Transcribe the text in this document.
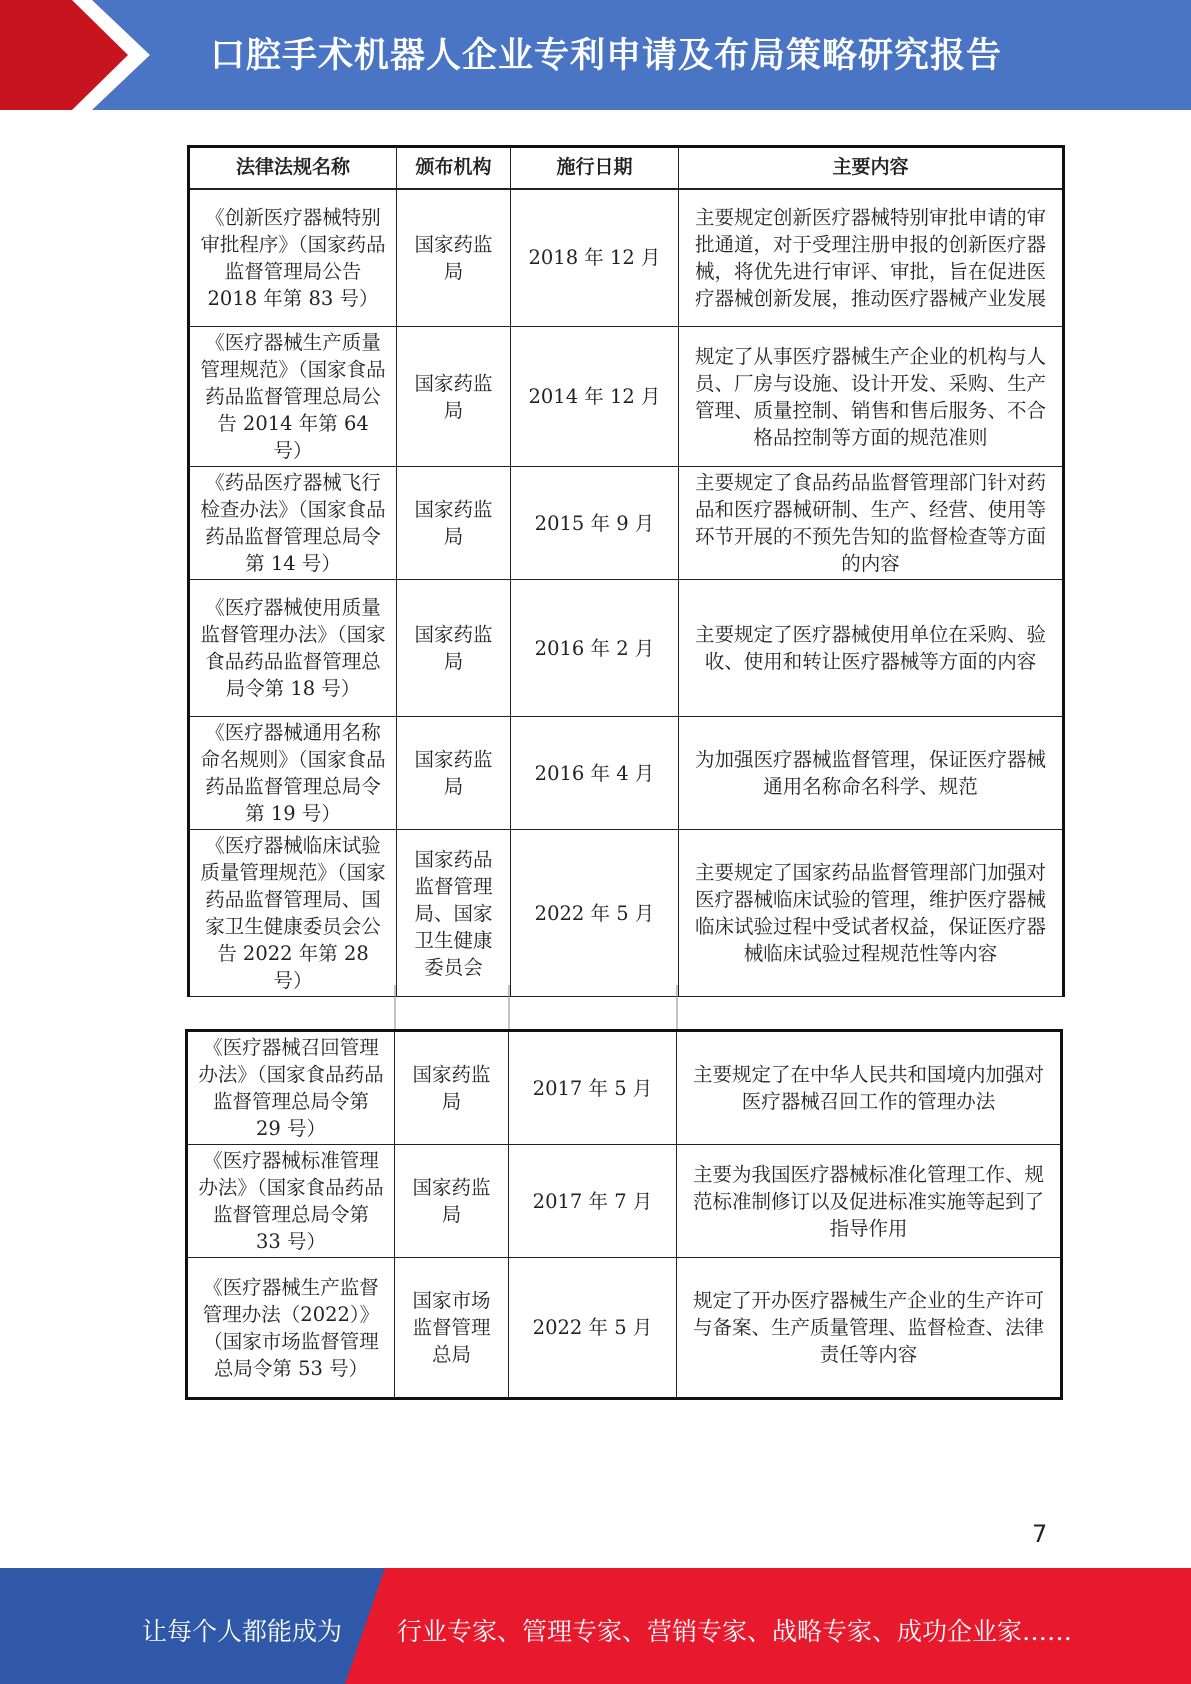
口腔手术机器人企业专利申请及布局策略研究报告
法律法规名称	颁布机构	施行日期	主要内容
《创新医疗器械特别审批程序》（国家药品监督管理局公告 2018 年第 83 号）	国家药监局	2018 年 12 月	主要规定创新医疗器械特别审批申请的审批通道，对于受理注册申报的创新医疗器械，将优先进行审评、审批，旨在促进医疗器械创新发展，推动医疗器械产业发展
《医疗器械生产质量管理规范》（国家食品药品监督管理总局公告 2014 年第 64 号）	国家药监局	2014 年 12 月	规定了从事医疗器械生产企业的机构与人员、厂房与设施、设计开发、采购、生产管理、质量控制、销售和售后服务、不合格品控制等方面的规范准则
《药品医疗器械飞行检查办法》（国家食品药品监督管理总局令第 14 号）	国家药监局	2015 年 9 月	主要规定了食品药品监督管理部门针对药品和医疗器械研制、生产、经营、使用等环节开展的不预先告知的监督检查等方面的内容
《医疗器械使用质量监督管理办法》（国家食品药品监督管理总局令第 18 号）	国家药监局	2016 年 2 月	主要规定了医疗器械使用单位在采购、验收、使用和转让医疗器械等方面的内容
《医疗器械通用名称命名规则》（国家食品药品监督管理总局令第 19 号）	国家药监局	2016 年 4 月	为加强医疗器械监督管理，保证医疗器械通用名称命名科学、规范
《医疗器械临床试验质量管理规范》（国家药品监督管理局、国家卫生健康委员会公告 2022 年第 28 号）	国家药品监督管理局、国家卫生健康委员会	2022 年 5 月	主要规定了国家药品监督管理部门加强对医疗器械临床试验的管理，维护医疗器械临床试验过程中受试者权益，保证医疗器械临床试验过程规范性等内容
《医疗器械召回管理办法》（国家食品药品监督管理总局令第 29 号）	国家药监局	2017 年 5 月	主要规定了在中华人民共和国境内加强对医疗器械召回工作的管理办法
《医疗器械标准管理办法》（国家食品药品监督管理总局令第 33 号）	国家药监局	2017 年 7 月	主要为我国医疗器械标准化管理工作、规范标准制修订以及促进标准实施等起到了指导作用
《医疗器械生产监督管理办法（2022）》（国家市场监督管理总局令第 53 号）	国家市场监督管理总局	2022 年 5 月	规定了开办医疗器械生产企业的生产许可与备案、生产质量管理、监督检查、法律责任等内容
7
让每个人都能成为 行业专家、管理专家、营销专家、战略专家、成功企业家……
